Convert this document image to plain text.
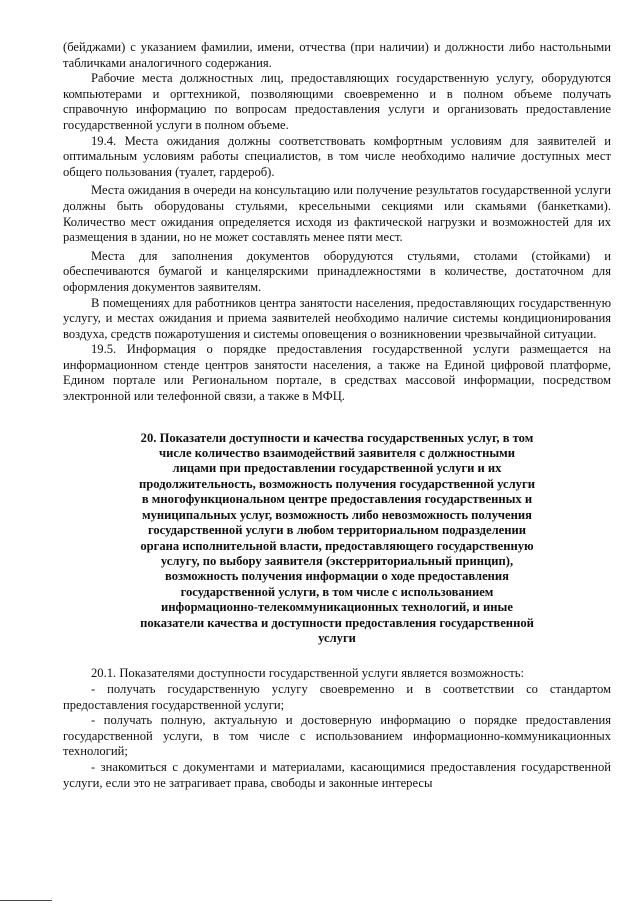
(бейджами) с указанием фамилии, имени, отчества (при наличии) и должности либо настольными табличками аналогичного содержания.

Рабочие места должностных лиц, предоставляющих государственную услугу, оборудуются компьютерами и оргтехникой, позволяющими своевременно и в полном объеме получать справочную информацию по вопросам предоставления услуги и организовать предоставление государственной услуги в полном объеме.

19.4. Места ожидания должны соответствовать комфортным условиям для заявителей и оптимальным условиям работы специалистов, в том числе необходимо наличие доступных мест общего пользования (туалет, гардероб).

Места ожидания в очереди на консультацию или получение результатов государственной услуги должны быть оборудованы стульями, кресельными секциями или скамьями (банкетками). Количество мест ожидания определяется исходя из фактической нагрузки и возможностей для их размещения в здании, но не может составлять менее пяти мест.

Места для заполнения документов оборудуются стульями, столами (стойками) и обеспечиваются бумагой и канцелярскими принадлежностями в количестве, достаточном для оформления документов заявителям.

В помещениях для работников центра занятости населения, предоставляющих государственную услугу, и местах ожидания и приема заявителей необходимо наличие системы кондиционирования воздуха, средств пожаротушения и системы оповещения о возникновении чрезвычайной ситуации.

19.5. Информация о порядке предоставления государственной услуги размещается на информационном стенде центров занятости населения, а также на Единой цифровой платформе, Едином портале или Региональном портале, в средствах массовой информации, посредством электронной или телефонной связи, а также в МФЦ.

20. Показатели доступности и качества государственных услуг, в том числе количество взаимодействий заявителя с должностными лицами при предоставлении государственной услуги и их продолжительность, возможность получения государственной услуги в многофункциональном центре предоставления государственных и муниципальных услуг, возможность либо невозможность получения государственной услуги в любом территориальном подразделении органа исполнительной власти, предоставляющего государственную услугу, по выбору заявителя (экстерриториальный принцип), возможность получения информации о ходе предоставления государственной услуги, в том числе с использованием информационно-телекоммуникационных технологий, и иные показатели качества и доступности предоставления государственной услуги

20.1. Показателями доступности государственной услуги является возможность:

- получать государственную услугу своевременно и в соответствии со стандартом предоставления государственной услуги;

- получать полную, актуальную и достоверную информацию о порядке предоставления государственной услуги, в том числе с использованием информационно-коммуникационных технологий;

- знакомиться с документами и материалами, касающимися предоставления государственной услуги, если это не затрагивает права, свободы и законные интересы
